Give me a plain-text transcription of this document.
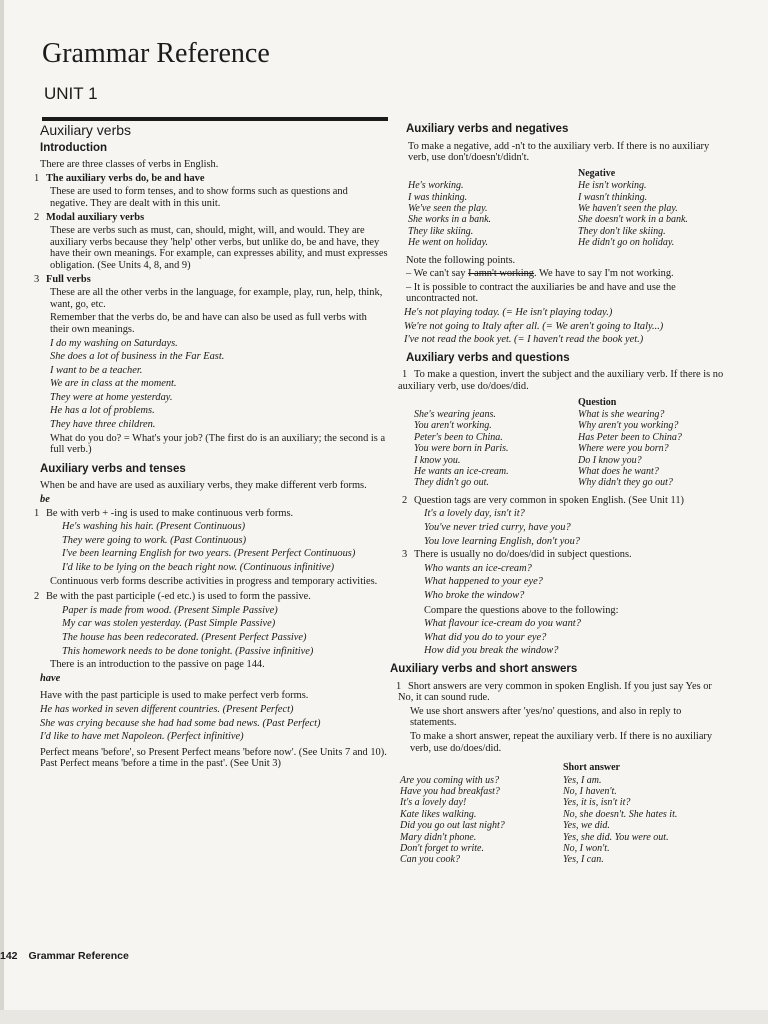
Grammar Reference
UNIT 1
Auxiliary verbs
Introduction

There are three classes of verbs in English.

1 The auxiliary verbs do, be and have

These are used to form tenses, and to show forms such as questions and negative. They are dealt with in this unit.

2 Modal auxiliary verbs

These are verbs such as must, can, should, might, will, and would. They are auxiliary verbs because they 'help' other verbs, but unlike do, be and have, they have their own meanings. For example, can expresses ability, and must expresses obligation. (See Units 4, 8, and 9)

3 Full verbs

These are all the other verbs in the language, for example, play, run, help, think, want, go, etc.

Remember that the verbs do, be and have can also be used as full verbs with their own meanings.

I do my washing on Saturdays.

She does a lot of business in the Far East.

I want to be a teacher.

We are in class at the moment.

They were at home yesterday.

He has a lot of problems.

They have three children.

What do you do? = What's your job? (The first do is an auxiliary; the second is a full verb.)

Auxiliary verbs and tenses

When be and have are used as auxiliary verbs, they make different verb forms.

be

1 Be with verb + -ing is used to make continuous verb forms.

He's washing his hair. (Present Continuous)

They were going to work. (Past Continuous)

I've been learning English for two years. (Present Perfect Continuous)

I'd like to be lying on the beach right now. (Continuous infinitive)

Continuous verb forms describe activities in progress and temporary activities.

2 Be with the past participle (-ed etc.) is used to form the passive.

Paper is made from wood. (Present Simple Passive)

My car was stolen yesterday. (Past Simple Passive)

The house has been redecorated. (Present Perfect Passive)

This homework needs to be done tonight. (Passive infinitive)

There is an introduction to the passive on page 144.

have

Have with the past participle is used to make perfect verb forms.

He has worked in seven different countries. (Present Perfect)

She was crying because she had had some bad news. (Past Perfect)

I'd like to have met Napoleon. (Perfect infinitive)

Perfect means 'before', so Present Perfect means 'before now'. (See Units 7 and 10). Past Perfect means 'before a time in the past'. (See Unit 3)

Auxiliary verbs and negatives

To make a negative, add -n't to the auxiliary verb. If there is no auxiliary verb, use don't/doesn't/didn't.

He's working.
I was thinking.
We've seen the play.
She works in a bank.
They like skiing.
He went on holiday.
Negative
He isn't working.
I wasn't thinking.
We haven't seen the play.
She doesn't work in a bank.
They don't like skiing.
He didn't go on holiday.

Note the following points.

– We can't say I amn't working. We have to say I'm not working.

– It is possible to contract the auxiliaries be and have and use the uncontracted not.

He's not playing today. (= He isn't playing today.)

We're not going to Italy after all. (= We aren't going to Italy...)

I've not read the book yet. (= I haven't read the book yet.)

Auxiliary verbs and questions

1 To make a question, invert the subject and the auxiliary verb. If there is no auxiliary verb, use do/does/did.

She's wearing jeans.
You aren't working.
Peter's been to China.
You were born in Paris.
I know you.
He wants an ice-cream.
They didn't go out.
Question
What is she wearing?
Why aren't you working?
Has Peter been to China?
Where were you born?
Do I know you?
What does he want?
Why didn't they go out?

2 Question tags are very common in spoken English. (See Unit 11)

It's a lovely day, isn't it?

You've never tried curry, have you?

You love learning English, don't you?

3 There is usually no do/does/did in subject questions.

Who wants an ice-cream?

What happened to your eye?

Who broke the window?

Compare the questions above to the following:

What flavour ice-cream do you want?

What did you do to your eye?

How did you break the window?

Auxiliary verbs and short answers

1 Short answers are very common in spoken English. If you just say Yes or No, it can sound rude.

We use short answers after 'yes/no' questions, and also in reply to statements.

To make a short answer, repeat the auxiliary verb. If there is no auxiliary verb, use do/does/did.

Are you coming with us?
Have you had breakfast?
It's a lovely day!
Kate likes walking.
Did you go out last night?
Mary didn't phone.
Don't forget to write.
Can you cook?
Short answer
Yes, I am.
No, I haven't.
Yes, it is, isn't it?
No, she doesn't. She hates it.
Yes, we did.
Yes, she did. You were out.
No, I won't.
Yes, I can.
142 Grammar Reference
